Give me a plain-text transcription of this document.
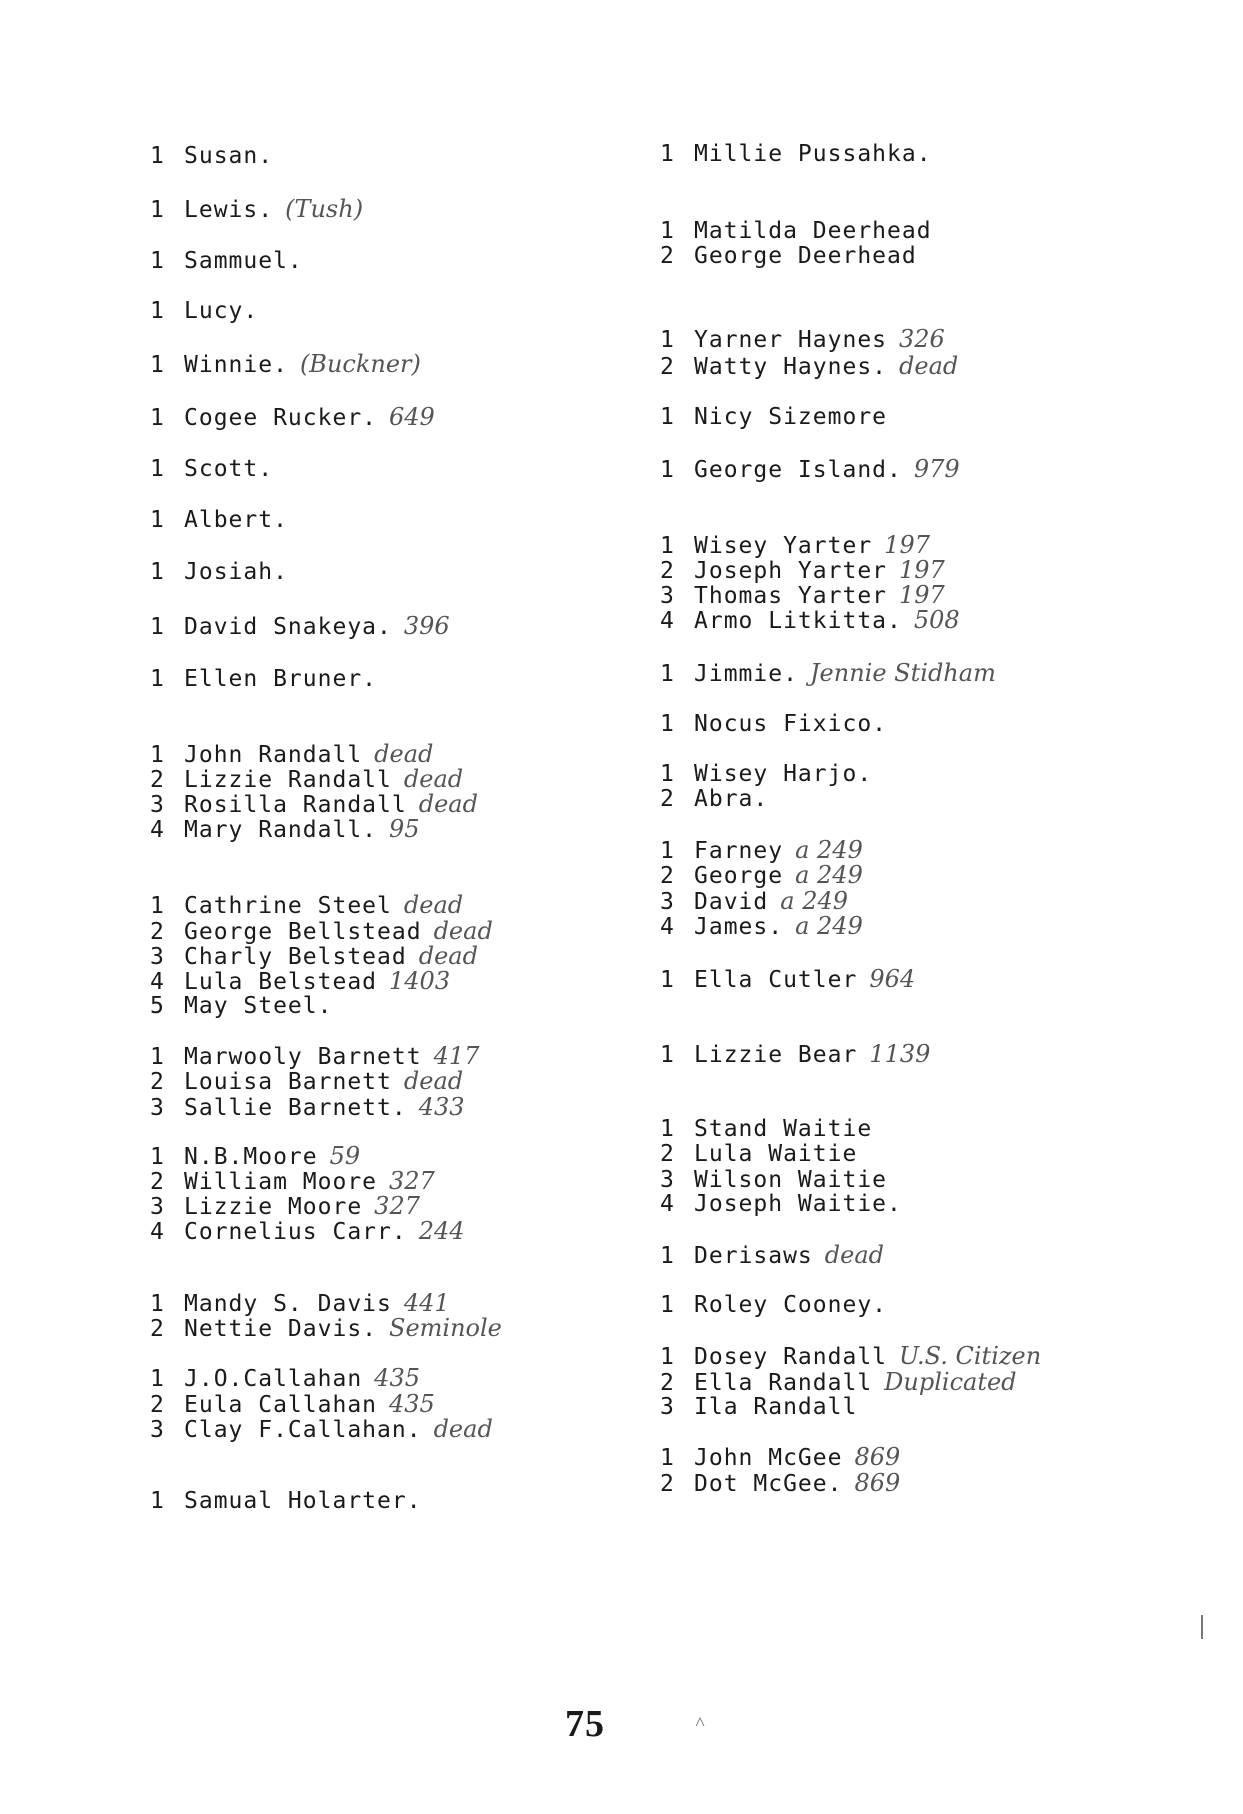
1 Susan.
1 Lewis. (Tush)
1 Sammuel.
1 Lucy.
1 Winnie. (Buckner)
1 Cogee Rucker. 649
1 Scott.
1 Albert.
1 Josiah.
1 David Snakeya. 396
1 Ellen Bruner.
1 John Randall dead
2 Lizzie Randall dead
3 Rosilla Randall dead
4 Mary Randall. 95
1 Cathrine Steel dead
2 George Bellstead dead
3 Charly Belstead dead
4 Lula Belstead 1403
5 May Steel.
1 Marwooly Barnett 417
2 Louisa Barnett dead
3 Sallie Barnett. 433
1 N.B.Moore 59
2 William Moore 327
3 Lizzie Moore 327
4 Cornelius Carr. 244
1 Mandy S. Davis 441
2 Nettie Davis. Seminole
1 J.O.Callahan 435
2 Eula Callahan 435
3 Clay F.Callahan. dead
1 Samual Holarter.
1 Millie Pussahka.
1 Matilda Deerhead
2 George Deerhead
1 Yarner Haynes 326
2 Watty Haynes. dead
1 Nicy Sizemore
1 George Island. 979
1 Wisey Yarter 197
2 Joseph Yarter 197
3 Thomas Yarter 197
4 Armo Litkitta. 508
1 Jimmie. Jennie Stidham
1 Nocus Fixico.
1 Wisey Harjo.
2 Abra.
1 Farney a 249
2 George a 249
3 David a 249
4 James. a 249
1 Ella Cutler 964
1 Lizzie Bear 1139
1 Stand Waitie
2 Lula Waitie
3 Wilson Waitie
4 Joseph Waitie.
1 Derisaws dead
1 Roley Cooney.
1 Dosey Randall U.S. Citizen
2 Ella Randall Duplicated
3 Ila Randall
1 John McGee 869
2 Dot McGee. 869
75	˄
